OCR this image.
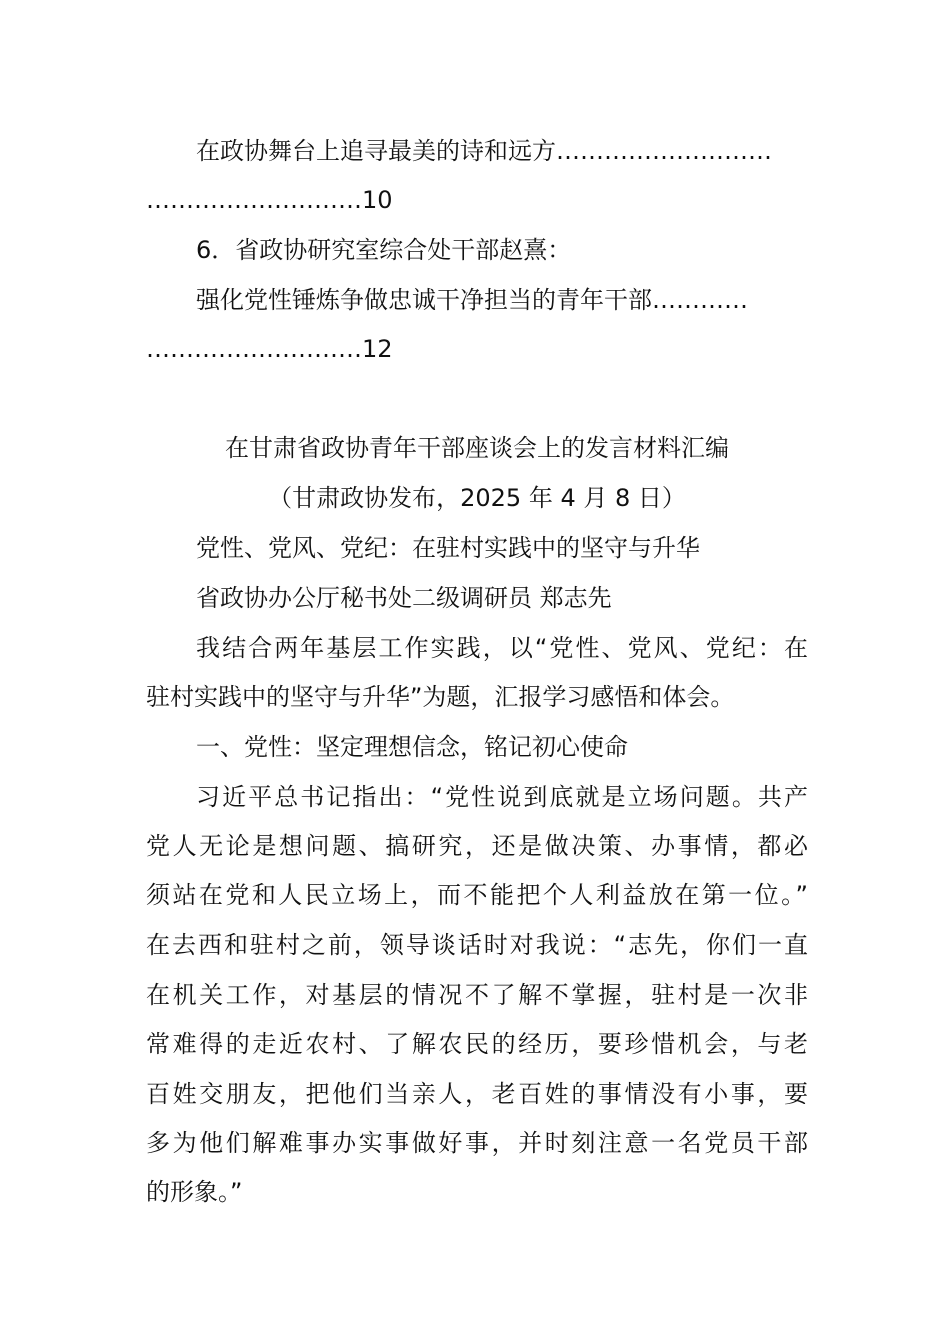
在政协舞台上追寻最美的诗和远方………………………
………………………10
6．省政协研究室综合处干部赵熹：
强化党性锤炼争做忠诚干净担当的青年干部…………
………………………12
在甘肃省政协青年干部座谈会上的发言材料汇编
（甘肃政协发布，2025 年 4 月 8 日）
党性、党风、党纪：在驻村实践中的坚守与升华
省政协办公厅秘书处二级调研员 郑志先
我结合两年基层工作实践，以“党性、党风、党纪：在
驻村实践中的坚守与升华”为题，汇报学习感悟和体会。
一、党性：坚定理想信念，铭记初心使命
习近平总书记指出：“党性说到底就是立场问题。共产
党人无论是想问题、搞研究，还是做决策、办事情，都必
须站在党和人民立场上，而不能把个人利益放在第一位。”
在去西和驻村之前，领导谈话时对我说：“志先，你们一直
在机关工作，对基层的情况不了解不掌握，驻村是一次非
常难得的走近农村、了解农民的经历，要珍惜机会，与老
百姓交朋友，把他们当亲人，老百姓的事情没有小事，要
多为他们解难事办实事做好事，并时刻注意一名党员干部
的形象。”
